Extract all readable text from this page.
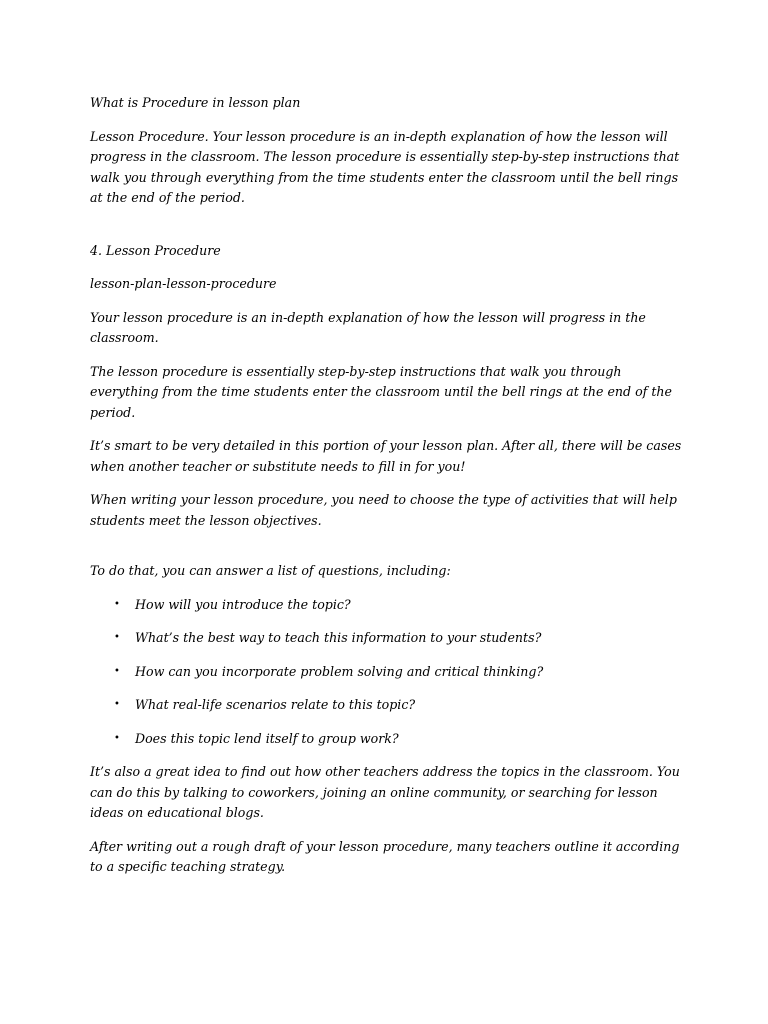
What is Procedure in lesson plan

Lesson Procedure. Your lesson procedure is an in-depth explanation of how the lesson will progress in the classroom. The lesson procedure is essentially step-by-step instructions that walk you through everything from the time students enter the classroom until the bell rings at the end of the period.

4. Lesson Procedure

lesson-plan-lesson-procedure

Your lesson procedure is an in-depth explanation of how the lesson will progress in the classroom.

The lesson procedure is essentially step-by-step instructions that walk you through everything from the time students enter the classroom until the bell rings at the end of the period.

It’s smart to be very detailed in this portion of your lesson plan. After all, there will be cases when another teacher or substitute needs to fill in for you!

When writing your lesson procedure, you need to choose the type of activities that will help students meet the lesson objectives.

To do that, you can answer a list of questions, including:

• How will you introduce the topic?
• What’s the best way to teach this information to your students?
• How can you incorporate problem solving and critical thinking?
• What real-life scenarios relate to this topic?
• Does this topic lend itself to group work?

It’s also a great idea to find out how other teachers address the topics in the classroom. You can do this by talking to coworkers, joining an online community, or searching for lesson ideas on educational blogs.

After writing out a rough draft of your lesson procedure, many teachers outline it according to a specific teaching strategy.
